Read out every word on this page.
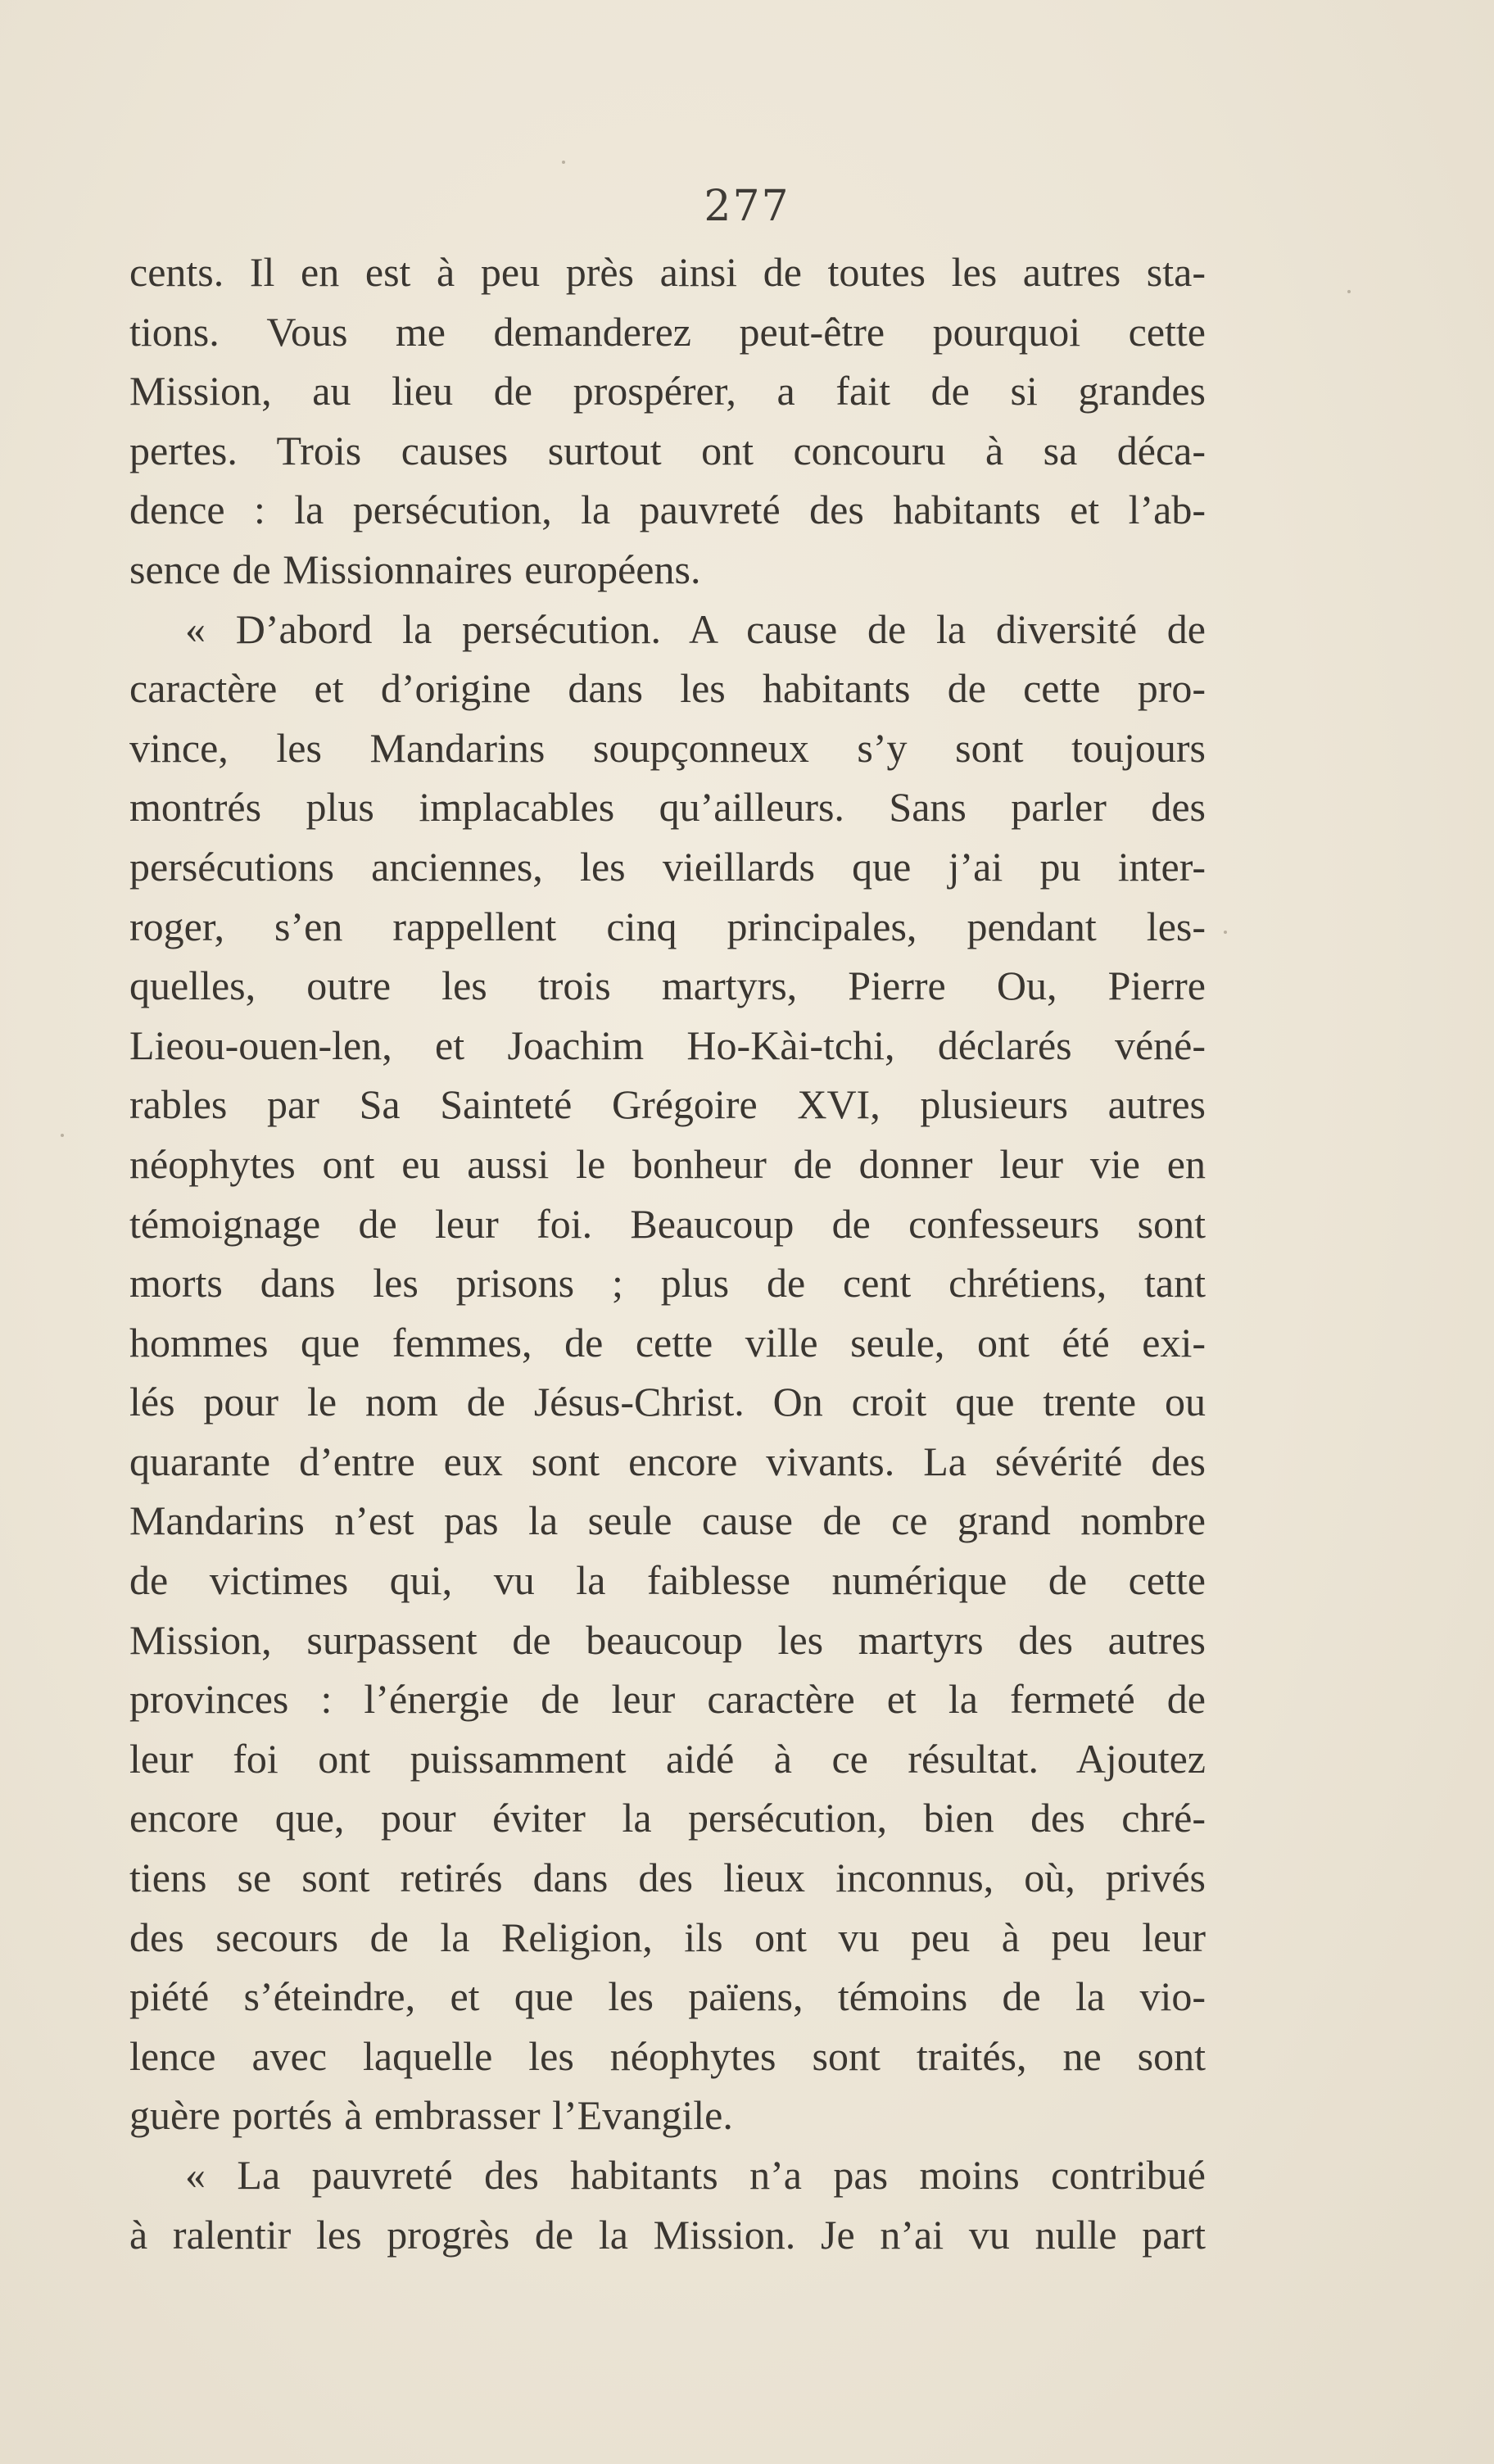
277
cents. Il en est à peu près ainsi de toutes les autres sta-
tions. Vous me demanderez peut-être pourquoi cette
Mission, au lieu de prospérer, a fait de si grandes
pertes. Trois causes surtout ont concouru à sa déca-
dence : la persécution, la pauvreté des habitants et l’ab-
sence de Missionnaires européens.
« D’abord la persécution. A cause de la diversité de
caractère et d’origine dans les habitants de cette pro-
vince, les Mandarins soupçonneux s’y sont toujours
montrés plus implacables qu’ailleurs. Sans parler des
persécutions anciennes, les vieillards que j’ai pu inter-
roger, s’en rappellent cinq principales, pendant les-
quelles, outre les trois martyrs, Pierre Ou, Pierre
Lieou-ouen-len, et Joachim Ho-Kài-tchi, déclarés véné-
rables par Sa Sainteté Grégoire XVI, plusieurs autres
néophytes ont eu aussi le bonheur de donner leur vie en
témoignage de leur foi. Beaucoup de confesseurs sont
morts dans les prisons ; plus de cent chrétiens, tant
hommes que femmes, de cette ville seule, ont été exi-
lés pour le nom de Jésus-Christ. On croit que trente ou
quarante d’entre eux sont encore vivants. La sévérité des
Mandarins n’est pas la seule cause de ce grand nombre
de victimes qui, vu la faiblesse numérique de cette
Mission, surpassent de beaucoup les martyrs des autres
provinces : l’énergie de leur caractère et la fermeté de
leur foi ont puissamment aidé à ce résultat. Ajoutez
encore que, pour éviter la persécution, bien des chré-
tiens se sont retirés dans des lieux inconnus, où, privés
des secours de la Religion, ils ont vu peu à peu leur
piété s’éteindre, et que les païens, témoins de la vio-
lence avec laquelle les néophytes sont traités, ne sont
guère portés à embrasser l’Evangile.
« La pauvreté des habitants n’a pas moins contribué
à ralentir les progrès de la Mission. Je n’ai vu nulle part
